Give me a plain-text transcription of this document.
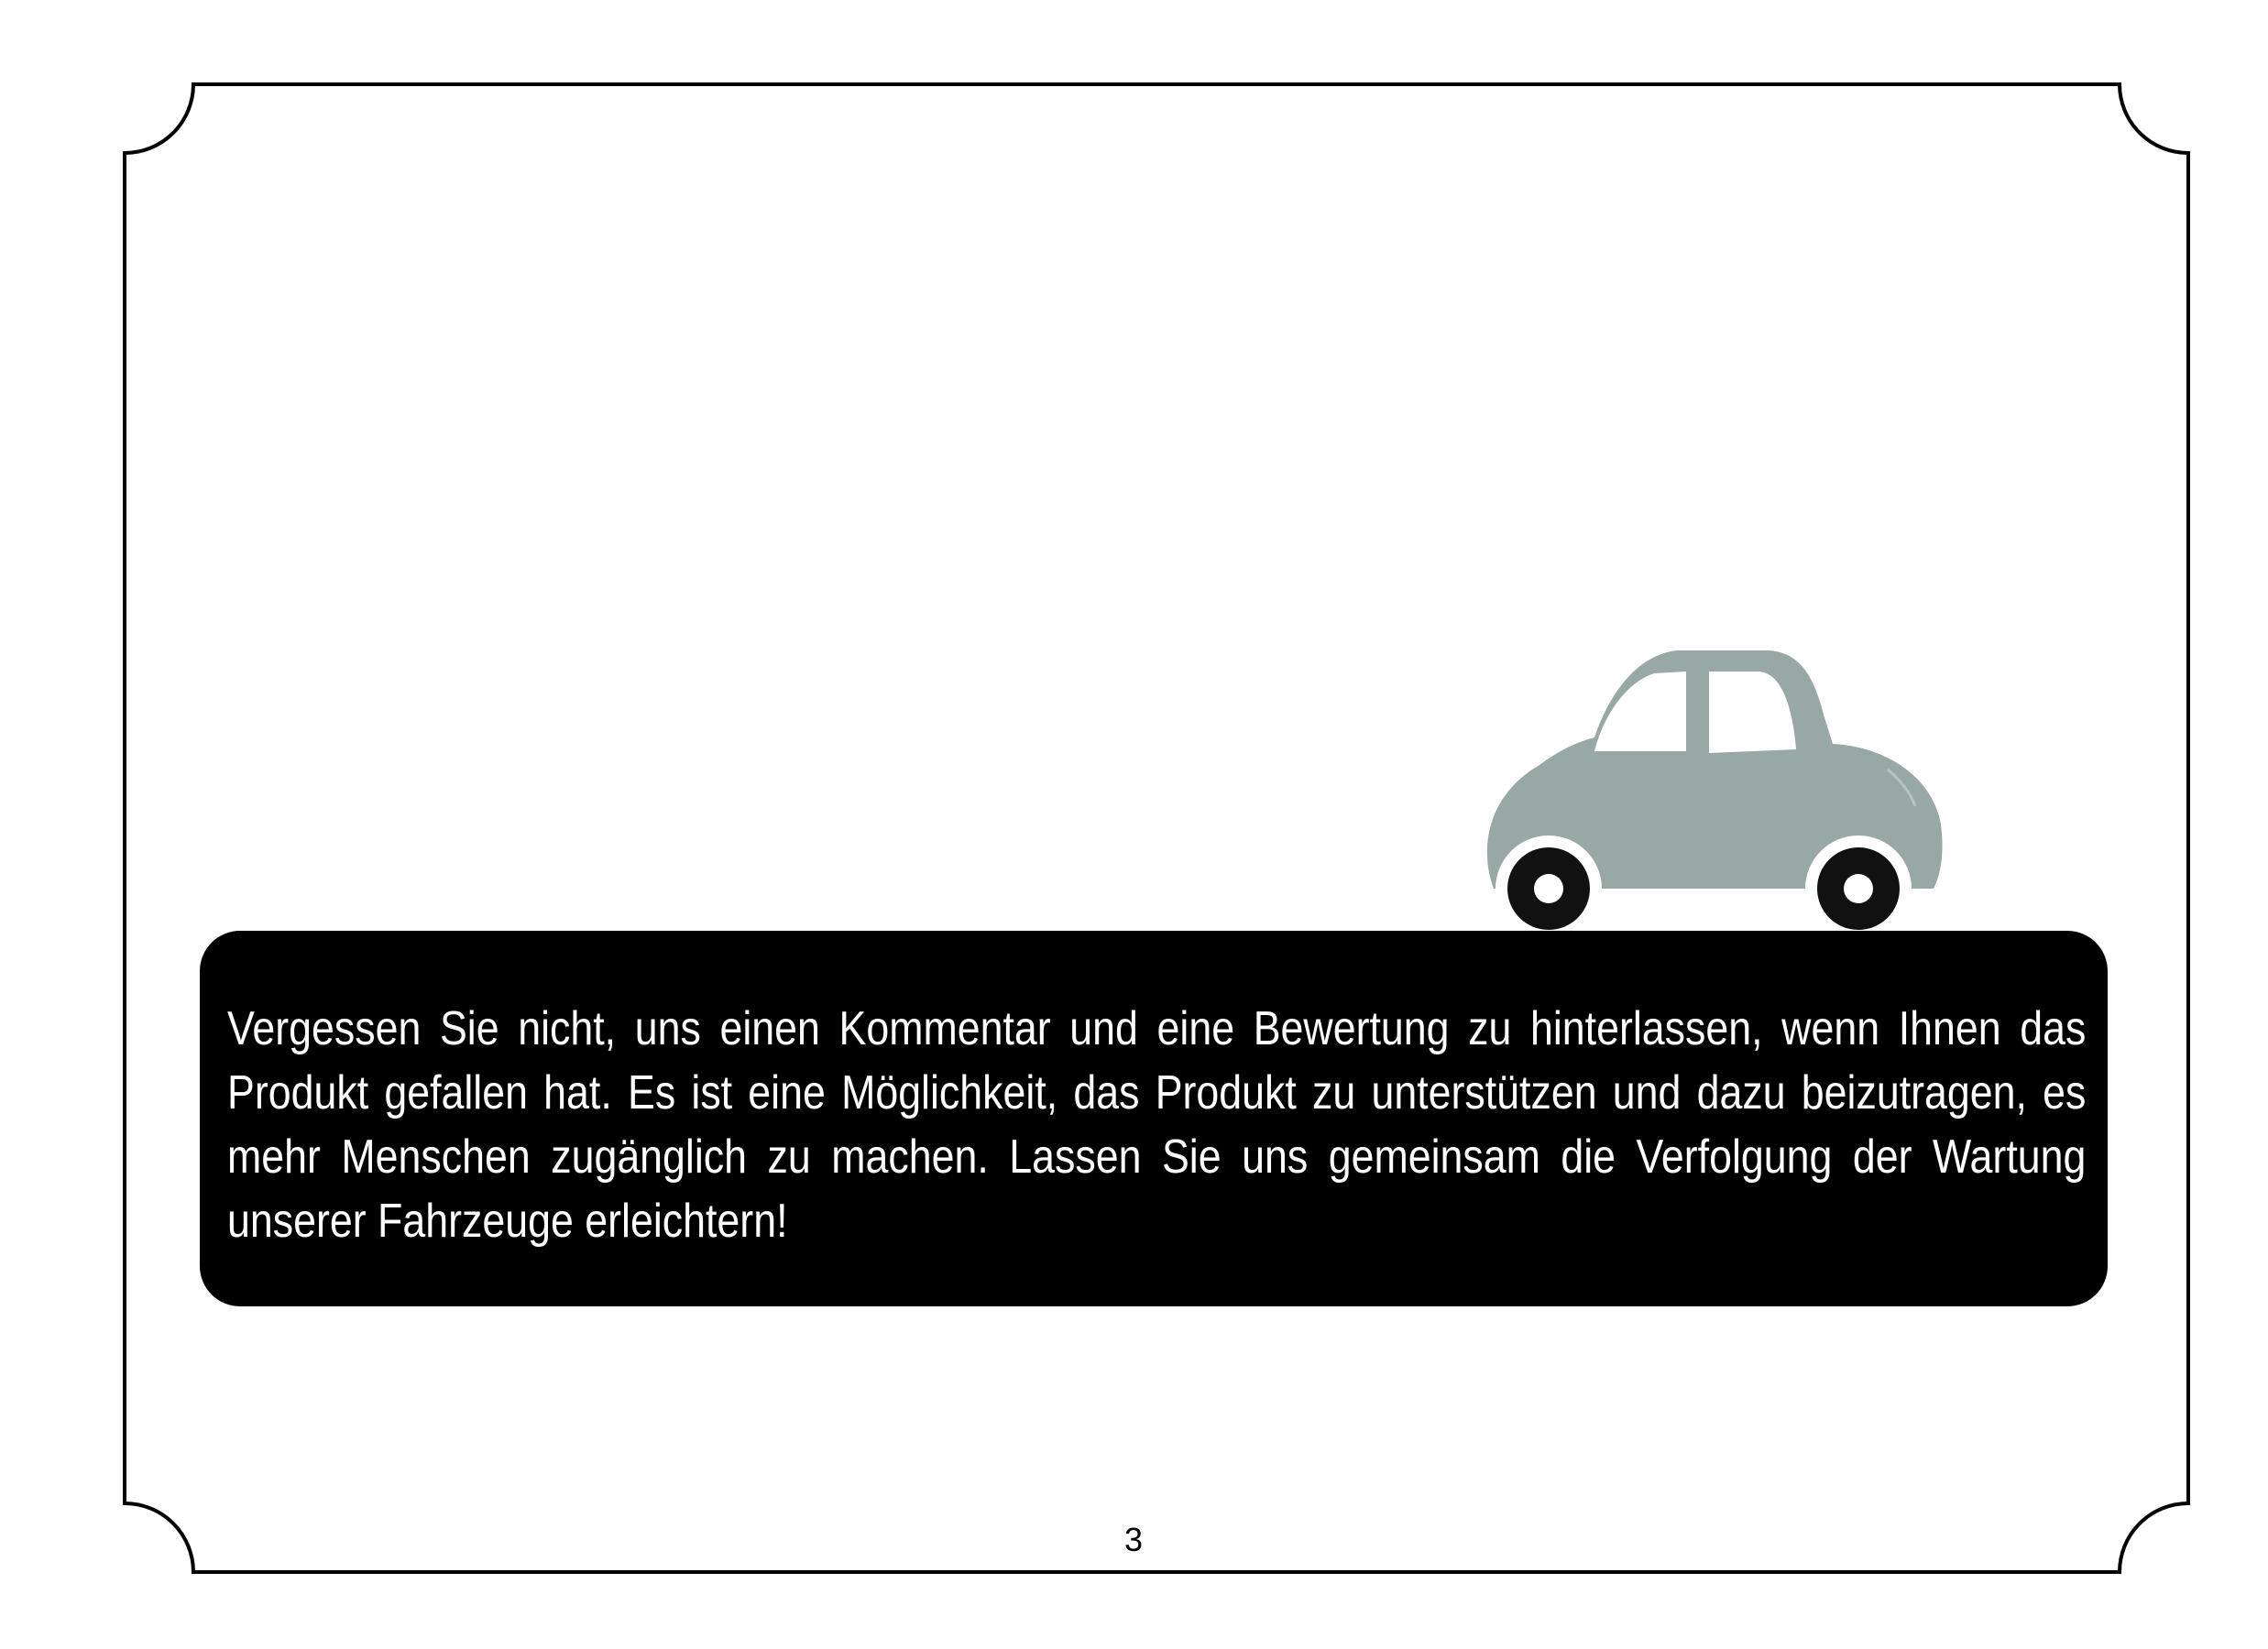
Vergessen Sie nicht, uns einen Kommentar und eine Bewertung zu hinterlassen, wenn Ihnen das Produkt gefallen hat. Es ist eine Möglichkeit, das Produkt zu unterstützen und dazu beizutragen, es mehr Menschen zugänglich zu machen. Lassen Sie uns gemeinsam die Verfolgung der Wartung unserer Fahrzeuge erleichtern!

3
